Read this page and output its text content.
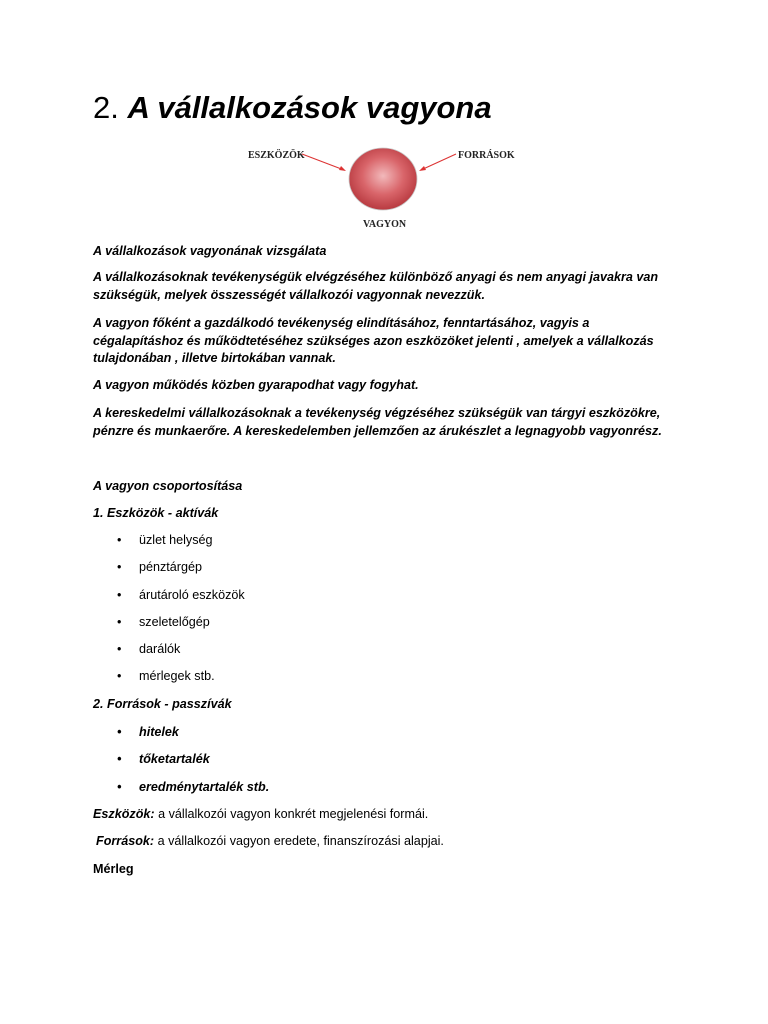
2. A vállalkozások vagyona
ESZKÖZÖK	FORRÁSOK
VAGYON

A vállalkozások vagyonának vizsgálata

A vállalkozásoknak tevékenységük elvégzéséhez különböző anyagi és nem anyagi javakra van szükségük, melyek összességét vállalkozói vagyonnak nevezzük.

A vagyon főként a gazdálkodó tevékenység elindításához, fenntartásához, vagyis a cégalapításhoz és működtetéséhez szükséges azon eszközöket jelenti , amelyek a vállalkozás tulajdonában , illetve birtokában vannak.

A vagyon működés közben gyarapodhat vagy fogyhat.

A kereskedelmi vállalkozásoknak a tevékenység végzéséhez szükségük van tárgyi eszközökre, pénzre és munkaerőre. A kereskedelemben jellemzően az árukészlet a legnagyobb vagyonrész.

A vagyon csoportosítása

1. Eszközök - aktívák

• üzlet helység
• pénztárgép
• árutároló eszközök
• szeletelőgép
• darálók
• mérlegek stb.

2. Források - passzívák

• hitelek
• tőketartalék
• eredménytartalék stb.

Eszközök: a vállalkozói vagyon konkrét megjelenési formái.

Források: a vállalkozói vagyon eredete, finanszírozási alapjai.

Mérleg
